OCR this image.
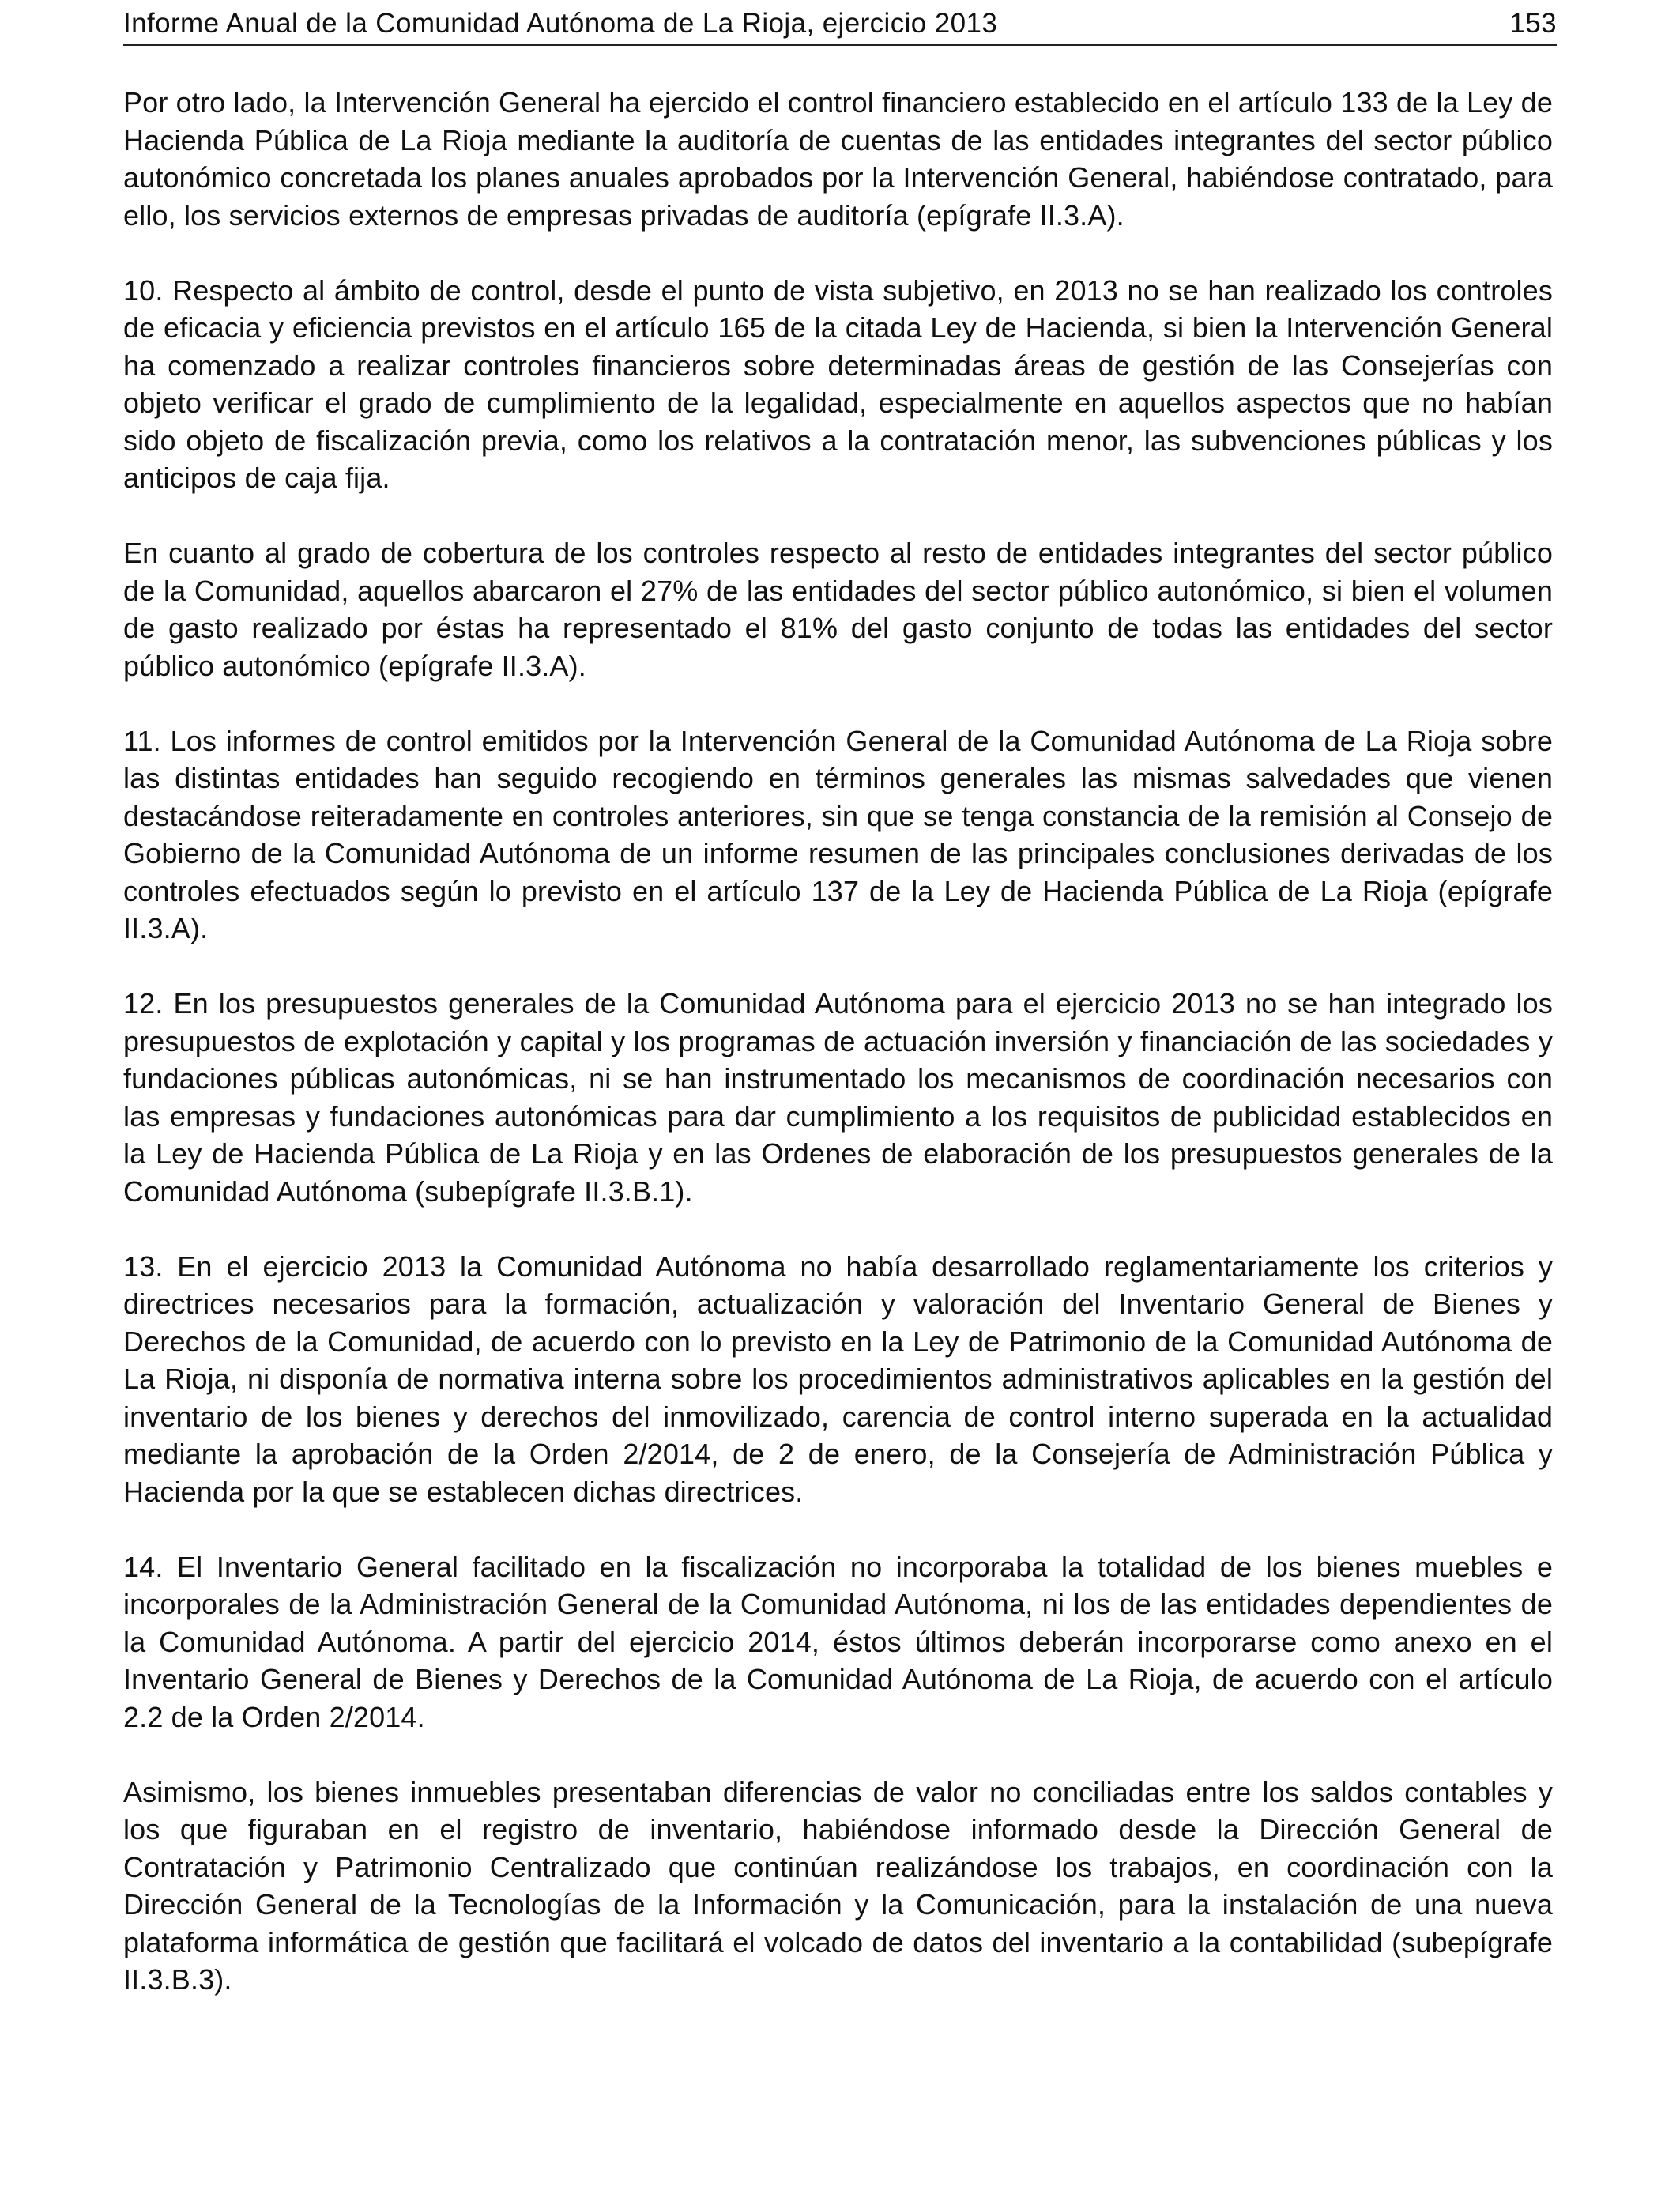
Informe Anual de la Comunidad Autónoma de La Rioja, ejercicio 2013	153

Por otro lado, la Intervención General ha ejercido el control financiero establecido en el artículo 133 de la Ley de Hacienda Pública de La Rioja mediante la auditoría de cuentas de las entidades integrantes del sector público autonómico concretada los planes anuales aprobados por la Intervención General, habiéndose contratado, para ello, los servicios externos de empresas privadas de auditoría (epígrafe II.3.A).

10. Respecto al ámbito de control, desde el punto de vista subjetivo, en 2013 no se han realizado los controles de eficacia y eficiencia previstos en el artículo 165 de la citada Ley de Hacienda, si bien la Intervención General ha comenzado a realizar controles financieros sobre determinadas áreas de gestión de las Consejerías con objeto verificar el grado de cumplimiento de la legalidad, especialmente en aquellos aspectos que no habían sido objeto de fiscalización previa, como los relativos a la contratación menor, las subvenciones públicas y los anticipos de caja fija.

En cuanto al grado de cobertura de los controles respecto al resto de entidades integrantes del sector público de la Comunidad, aquellos abarcaron el 27% de las entidades del sector público autonómico, si bien el volumen de gasto realizado por éstas ha representado el 81% del gasto conjunto de todas las entidades del sector público autonómico (epígrafe II.3.A).

11. Los informes de control emitidos por la Intervención General de la Comunidad Autónoma de La Rioja sobre las distintas entidades han seguido recogiendo en términos generales las mismas salvedades que vienen destacándose reiteradamente en controles anteriores, sin que se tenga constancia de la remisión al Consejo de Gobierno de la Comunidad Autónoma de un informe resumen de las principales conclusiones derivadas de los controles efectuados según lo previsto en el artículo 137 de la Ley de Hacienda Pública de La Rioja (epígrafe II.3.A).

12. En los presupuestos generales de la Comunidad Autónoma para el ejercicio 2013 no se han integrado los presupuestos de explotación y capital y los programas de actuación inversión y financiación de las sociedades y fundaciones públicas autonómicas, ni se han instrumentado los mecanismos de coordinación necesarios con las empresas y fundaciones autonómicas para dar cumplimiento a los requisitos de publicidad establecidos en la Ley de Hacienda Pública de La Rioja y en las Ordenes de elaboración de los presupuestos generales de la Comunidad Autónoma (subepígrafe II.3.B.1).

13. En el ejercicio 2013 la Comunidad Autónoma no había desarrollado reglamentariamente los criterios y directrices necesarios para la formación, actualización y valoración del Inventario General de Bienes y Derechos de la Comunidad, de acuerdo con lo previsto en la Ley de Patrimonio de la Comunidad Autónoma de La Rioja, ni disponía de normativa interna sobre los procedimientos administrativos aplicables en la gestión del inventario de los bienes y derechos del inmovilizado, carencia de control interno superada en la actualidad mediante la aprobación de la Orden 2/2014, de 2 de enero, de la Consejería de Administración Pública y Hacienda por la que se establecen dichas directrices.

14. El Inventario General facilitado en la fiscalización no incorporaba la totalidad de los bienes muebles e incorporales de la Administración General de la Comunidad Autónoma, ni los de las entidades dependientes de la Comunidad Autónoma. A partir del ejercicio 2014, éstos últimos deberán incorporarse como anexo en el Inventario General de Bienes y Derechos de la Comunidad Autónoma de La Rioja, de acuerdo con el artículo 2.2 de la Orden 2/2014.

Asimismo, los bienes inmuebles presentaban diferencias de valor no conciliadas entre los saldos contables y los que figuraban en el registro de inventario, habiéndose informado desde la Dirección General de Contratación y Patrimonio Centralizado que continúan realizándose los trabajos, en coordinación con la Dirección General de la Tecnologías de la Información y la Comunicación, para la instalación de una nueva plataforma informática de gestión que facilitará el volcado de datos del inventario a la contabilidad (subepígrafe II.3.B.3).
